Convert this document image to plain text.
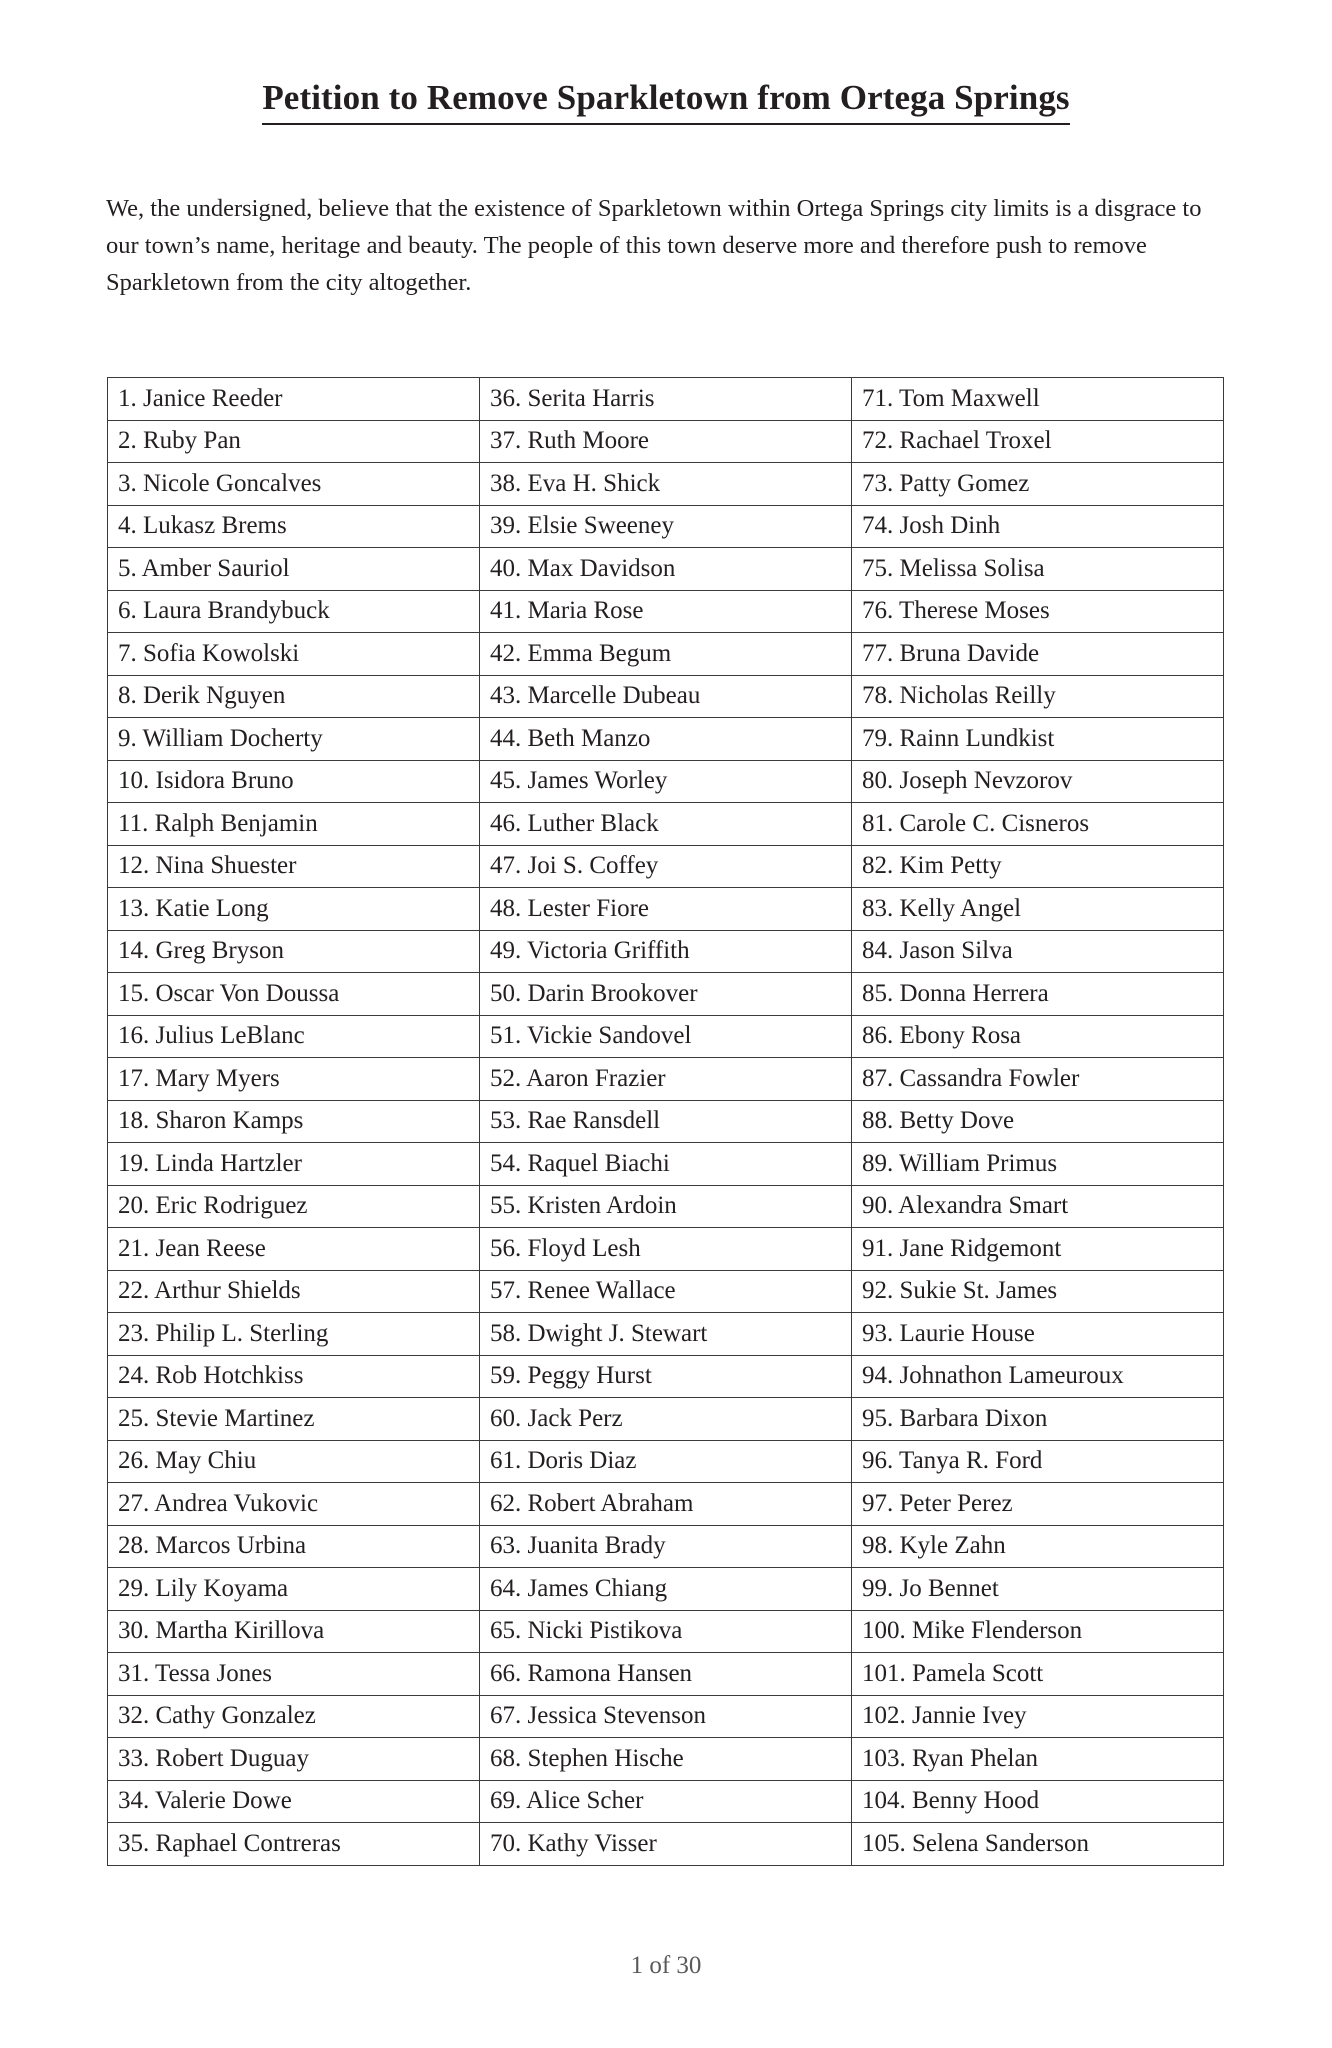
Petition to Remove Sparkletown from Ortega Springs

We, the undersigned, believe that the existence of Sparkletown within Ortega Springs city limits is a disgrace to our town’s name, heritage and beauty. The people of this town deserve more and therefore push to remove Sparkletown from the city altogether.

1. Janice Reeder	36. Serita Harris	71. Tom Maxwell
2. Ruby Pan	37. Ruth Moore	72. Rachael Troxel
3. Nicole Goncalves	38. Eva H. Shick	73. Patty Gomez
4. Lukasz Brems	39. Elsie Sweeney	74. Josh Dinh
5. Amber Sauriol	40. Max Davidson	75. Melissa Solisa
6. Laura Brandybuck	41. Maria Rose	76. Therese Moses
7. Sofia Kowolski	42. Emma Begum	77. Bruna Davide
8. Derik Nguyen	43. Marcelle Dubeau	78. Nicholas Reilly
9. William Docherty	44. Beth Manzo	79. Rainn Lundkist
10. Isidora Bruno	45. James Worley	80. Joseph Nevzorov
11. Ralph Benjamin	46. Luther Black	81. Carole C. Cisneros
12. Nina Shuester	47. Joi S. Coffey	82. Kim Petty
13. Katie Long	48. Lester Fiore	83. Kelly Angel
14. Greg Bryson	49. Victoria Griffith	84. Jason Silva
15. Oscar Von Doussa	50. Darin Brookover	85. Donna Herrera
16. Julius LeBlanc	51. Vickie Sandovel	86. Ebony Rosa
17. Mary Myers	52. Aaron Frazier	87. Cassandra Fowler
18. Sharon Kamps	53. Rae Ransdell	88. Betty Dove
19. Linda Hartzler	54. Raquel Biachi	89. William Primus
20. Eric Rodriguez	55. Kristen Ardoin	90. Alexandra Smart
21. Jean Reese	56. Floyd Lesh	91. Jane Ridgemont
22. Arthur Shields	57. Renee Wallace	92. Sukie St. James
23. Philip L. Sterling	58. Dwight J. Stewart	93. Laurie House
24. Rob Hotchkiss	59. Peggy Hurst	94. Johnathon Lameuroux
25. Stevie Martinez	60. Jack Perz	95. Barbara Dixon
26. May Chiu	61. Doris Diaz	96. Tanya R. Ford
27. Andrea Vukovic	62. Robert Abraham	97. Peter Perez
28. Marcos Urbina	63. Juanita Brady	98. Kyle Zahn
29. Lily Koyama	64. James Chiang	99. Jo Bennet
30. Martha Kirillova	65. Nicki Pistikova	100. Mike Flenderson
31. Tessa Jones	66. Ramona Hansen	101. Pamela Scott
32. Cathy Gonzalez	67. Jessica Stevenson	102. Jannie Ivey
33. Robert Duguay	68. Stephen Hische	103. Ryan Phelan
34. Valerie Dowe	69. Alice Scher	104. Benny Hood
35. Raphael Contreras	70. Kathy Visser	105. Selena Sanderson
1 of 30
